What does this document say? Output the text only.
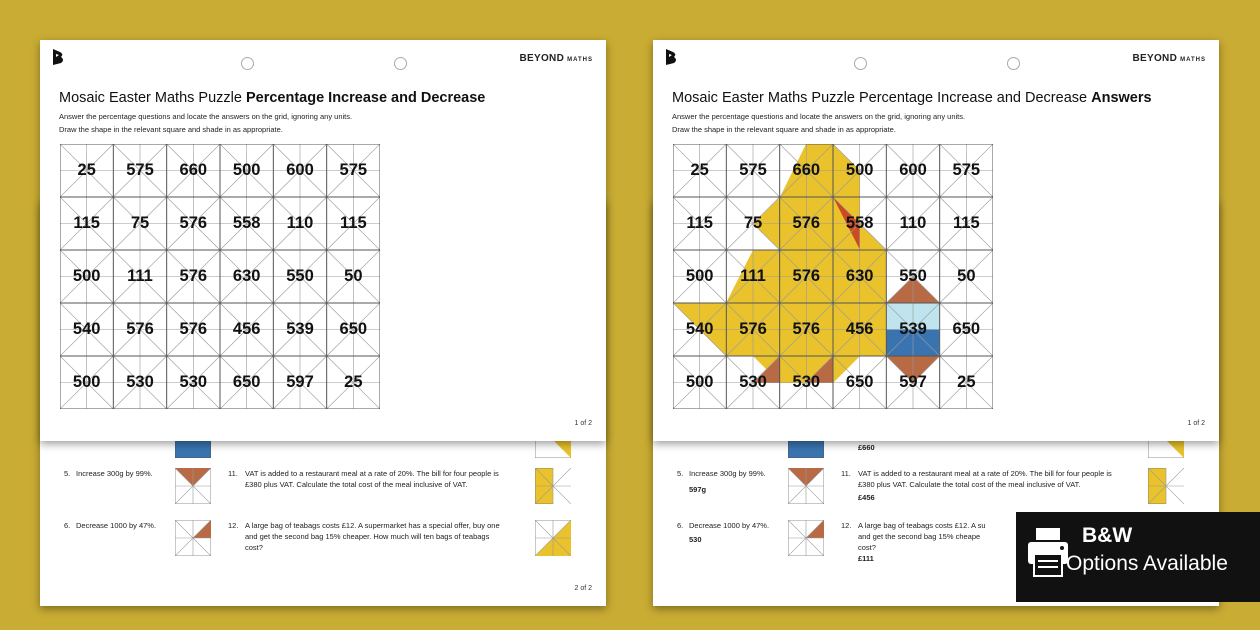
5. Increase 300g by 99%.
6. Decrease 1000 by 47%.
11. VAT is added to a restaurant meal at a rate of 20%. The bill for four people is
£380 plus VAT. Calculate the total cost of the meal inclusive of VAT.
12. A large bag of teabags costs £12. A supermarket has a special offer, buy one
and get the second bag 15% cheaper. How much will ten bags of teabags
cost?
2 of 2
£660
5. Increase 300g by 99%.
597g
6. Decrease 1000 by 47%.
530
11. VAT is added to a restaurant meal at a rate of 20%. The bill for four people is
£380 plus VAT. Calculate the total cost of the meal inclusive of VAT.
£456
12. A large bag of teabags costs £12. A su
and get the second bag 15% cheape
cost?
£111
BEYOND MATHS
Mosaic Easter Maths Puzzle Percentage Increase and Decrease
Answer the percentage questions and locate the answers on the grid, ignoring any units.
Draw the shape in the relevant square and shade in as appropriate.
25	575	660	500	600	575
115	75	576	558	110	115
500	111	576	630	550	50
540	576	576	456	539	650
500	530	530	650	597	25
1 of 2
BEYOND MATHS
Mosaic Easter Maths Puzzle Percentage Increase and Decrease Answers
Answer the percentage questions and locate the answers on the grid, ignoring any units.
Draw the shape in the relevant square and shade in as appropriate.
25	575	660	500	600	575
115	75	576	558	110	115
500	111	576	630	550	50
540	576	576	456	539	650
500	530	530	650	597	25
1 of 2
B&W
Options Available
